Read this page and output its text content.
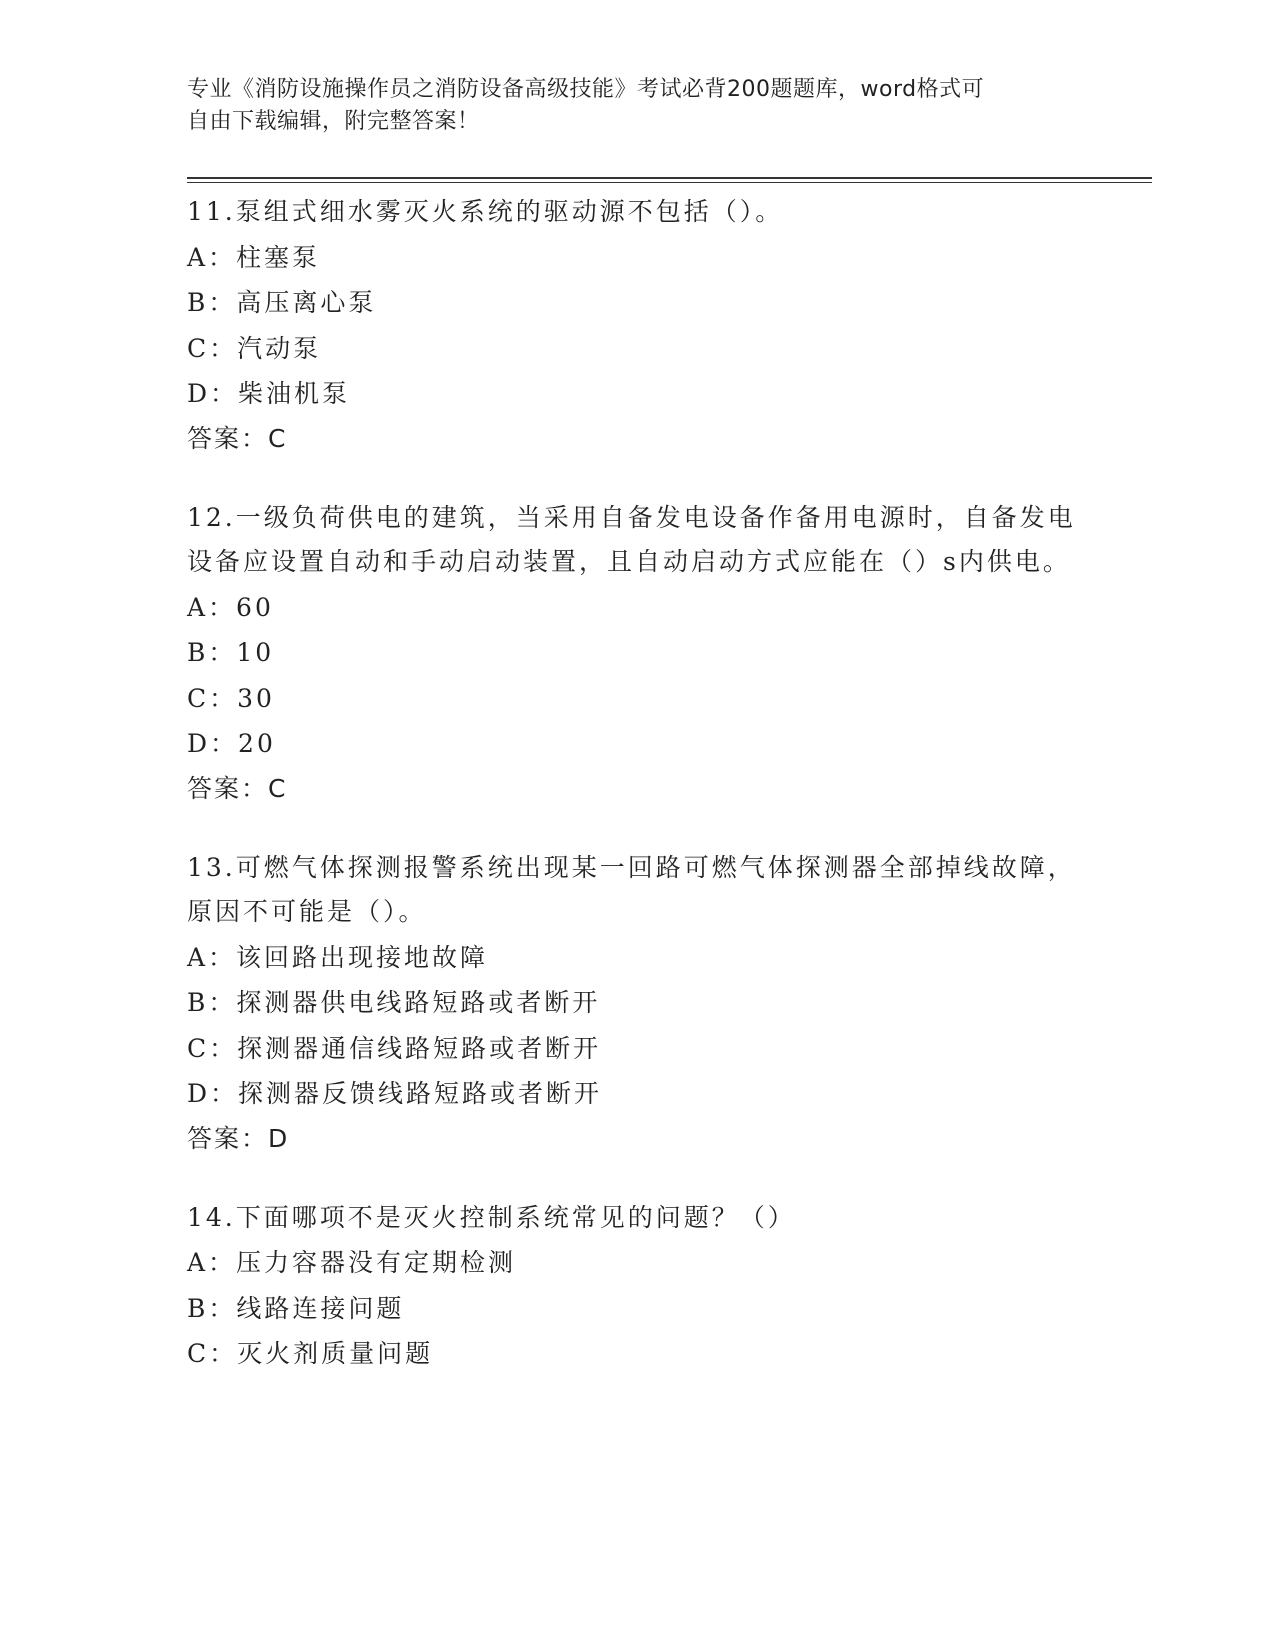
专业《消防设施操作员之消防设备高级技能》考试必背200题题库，word格式可
自由下载编辑，附完整答案！
11.泵组式细水雾灭火系统的驱动源不包括（）。
A：柱塞泵
B：高压离心泵
C：汽动泵
D：柴油机泵
答案：C
12.一级负荷供电的建筑，当采用自备发电设备作备用电源时，自备发电设备应设置自动和手动启动装置，且自动启动方式应能在（）s内供电。
A：60
B：10
C：30
D：20
答案：C
13.可燃气体探测报警系统出现某一回路可燃气体探测器全部掉线故障，原因不可能是（）。
A：该回路出现接地故障
B：探测器供电线路短路或者断开
C：探测器通信线路短路或者断开
D：探测器反馈线路短路或者断开
答案：D
14.下面哪项不是灭火控制系统常见的问题？（）
A：压力容器没有定期检测
B：线路连接问题
C：灭火剂质量问题
